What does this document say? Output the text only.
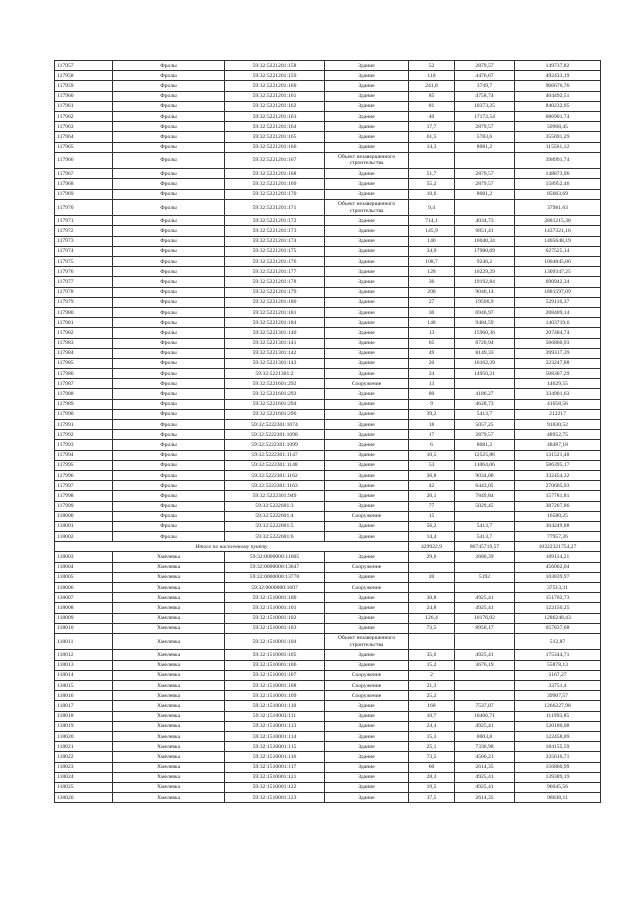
117957	Фролы	59:32:5221201:158	Здание	52	2879,57	149737,82
117958	Фролы	59:32:5221201:159	Здание	110	4476,67	492433,19
117959	Фролы	59:32:5221201:160	Здание	241,8	3749,7	906676,76
117960	Фролы	59:32:5221201:161	Здание	85	4758,74	404492,51
117961	Фролы	59:32:5221201:162	Здание	81	10373,25	840232,95
117962	Фролы	59:32:5221201:163	Здание	40	17172,54	686901,74
117963	Фролы	59:32:5221201:164	Здание	17,7	2879,57	50968,45
117964	Фролы	59:32:5221201:165	Здание	61,5	5783,6	355691,29
117965	Фролы	59:32:5221201:166	Здание	14,3	8081,2	115561,12
117966	Фролы	59:32:5221201:167	Объект незавершенного строительства			398991,74
117967	Фролы	59:32:5221201:168	Здание	51,7	2879,57	148873,96
117968	Фролы	59:32:5221201:169	Здание	55,2	2879,57	158952,46
117969	Фролы	59:32:5221201:170	Здание	10,6	8081,2	85663,69
117970	Фролы	59:32:5221201:171	Объект незавершенного строительства	9,4		37981,63
117971	Фролы	59:32:5221201:172	Здание	714,1	4034,73	2881215,38
117972	Фролы	59:32:5221201:173	Здание	145,9	9851,41	1437321,16
117973	Фролы	59:32:5221201:174	Здание	140	10040,34	1405648,19
117974	Фролы	59:32:5221201:175	Здание	34,9	17980,69	627525,14
117975	Фролы	59:32:5221201:176	Здание	108,7	9246,2	1004845,06
117976	Фролы	59:32:5221201:177	Здание	128	10229,29	1309347,25
117977	Фролы	59:32:5221201:178	Здание	36	19192,84	690942,34
117978	Фролы	59:32:5221201:179	Здание	208	9046,14	1881597,09
117979	Фролы	59:32:5221201:180	Здание	27	19596,9	529116,37
117980	Фролы	59:32:5221201:181	Здание	30	6946,97	208409,14
117981	Фролы	59:32:5221201:184	Здание	148	9484,59	1403719,6
117982	Фролы	59:32:5221301:140	Здание	13	15960,36	207484,74
117983	Фролы	59:32:5221301:141	Здание	65	8720,94	566860,93
117984	Фролы	59:32:5221301:142	Здание	49	8149,33	399317,39
117985	Фролы	59:32:5221301:143	Здание	20	16162,39	323247,88
117986	Фролы	59:32:5221301:2	Здание	34	14950,21	508307,29
117987	Фролы	59:32:5221601:292	Сооружение	13		14629,55
117988	Фролы	59:32:5221601:293	Здание	80	4186,27	334901,63
117989	Фролы	59:32:5221601:294	Здание	9	4628,73	41658,56
117990	Фролы	59:32:5221601:296	Здание	39,2	5413,7	212217
117991	Фролы	59:32:5222301:1074	Здание	18	5057,25	91030,52
117992	Фролы	59:32:5222301:1098	Здание	17	2879,57	48952,75
117993	Фролы	59:32:5222301:1099	Здание	6	8081,2	48487,18
117994	Фролы	59:32:5222301:1147	Здание	10,5	12525,86	131521,48
117995	Фролы	59:32:5222301:1148	Здание	53	11064,06	586395,17
117996	Фролы	59:32:5222301:1162	Здание	36,8	9034,08	332454,32
117997	Фролы	59:32:5222301:1163	Здание	42	6443,05	270605,93
117998	Фролы	59:32:5222301:949	Здание	20,1	7849,84	157781,81
117999	Фролы	59:32:5222601:3	Здание	77	5029,45	387267,86
118000	Фролы	59:32:5222601:4	Сооружение	15		16580,25
118001	Фролы	59:32:5222601:5	Здание	56,2	5413,7	304249,88
118002	Фролы	59:32:5222601:6	Здание	14,4	5413,7	77957,26
Итого по населенному пункту				429922,9	86745719,57	10322321754,27
118003	Хмелевка	59:32:0000000:11605	Здание	29,6	3686,39	109114,21
118004	Хмелевка	59:32:0000000:13647	Сооружение			456062,04
118005	Хмелевка	59:32:0000000:13778	Здание	20	5192	103839,97
118006	Хмелевка	59:32:0000000:1607	Сооружение			37513,31
118007	Хмелевка	59:32:1510001:100	Здание	30,8	4925,41	151702,73
118008	Хмелевка	59:32:1510001:101	Здание	24,8	4925,41	122150,25
118009	Хмелевка	59:32:1510001:102	Здание	126,4	10176,02	1286248,43
118010	Хмелевка	59:32:1510001:103	Здание	73,5	8950,17	657837,68
118011	Хмелевка	59:32:1510001:104	Объект незавершенного строительства			512,87
118012	Хмелевка	59:32:1510001:105	Здание	35,6	4925,41	175344,71
118013	Хмелевка	59:32:1510001:106	Здание	15,2	3676,19	55878,13
118014	Хмелевка	59:32:1510001:107	Сооружение	2		3167,27
118015	Хмелевка	59:32:1510001:108	Сооружение	21,3		33751,4
118016	Хмелевка	59:32:1510001:109	Сооружение	25,2		39907,57
118017	Хмелевка	59:32:1510001:110	Здание	168	7537,07	1266227,98
118018	Хмелевка	59:32:1510001:111	Здание	10,7	10466,71	111993,85
118019	Хмелевка	59:32:1510001:113	Здание	24,4	4925,41	120180,08
118020	Хмелевка	59:32:1510001:114	Здание	15,3	8003,8	122458,09
118021	Хмелевка	59:32:1510001:115	Здание	25,1	7336,98	184155,59
118022	Хмелевка	59:32:1510001:116	Здание	73,5	4566,21	335616,71
118023	Хмелевка	59:32:1510001:117	Здание	60	2614,35	156860,99
118024	Хмелевка	59:32:1510001:121	Здание	28,3	4925,41	139389,19
118025	Хмелевка	59:32:1510001:122	Здание	19,5	4925,41	96045,56
118026	Хмелевка	59:32:1510001:123	Здание	37,5	2614,35	98038,11
